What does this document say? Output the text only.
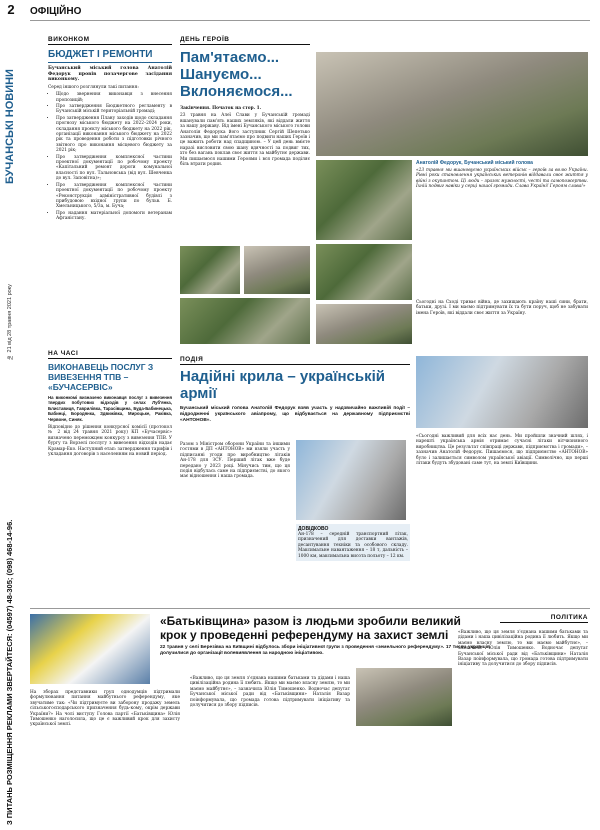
2
БУЧАНСЬКІ НОВИНИ
№ 21 від 28 травня 2021 року
З ПИТАНЬ РОЗМІЩЕННЯ РЕКЛАМИ ЗВЕРТАЙТЕСЯ: (04597) 48-305; (098) 468-14-96.
ОФІЦІЙНО
ВИКОНКОМ
БЮДЖЕТ І РЕМОНТИ
Бучанський міський голова Анатолій Федорук провів позачергове засідання виконкому.
Серед іншого розглянули такі питання:
• Щодо звернення виконавця з внесення пропозицій;
• Про затвердження Бюджетного регламенту в Бучанській міській територіальній громаді;
• Про затвердження Плану заходів щодо складання прогнозу міського бюджету на 2022–2024 роки, складання проєкту міського бюджету на 2022 рік, організації виконання міського бюджету на 2022 рік та проведення роботи з підготовки річного звітного про виконання місцевого бюджету за 2021 рік;
• Про затвердження комплексної частини проектної документації по робочому проекту «Капітальний ремонт дороги комунальної власності по вул. Тальновська (від вул. Шевченка до вул. Заповітна)»;
• Про затвердження комплексної частини проектної документації по робочому проекту «Реконструкція адміністративної будівлі з прибудовою вхідної групи по бульв. Б. Хмельницького, 5/3а, м. Буча;
• Про надання матеріальної допомоги ветеранам Афганістану.
НА ЧАСІ
ВИКОНАВЕЦЬ ПОСЛУГ З ВИВЕЗЕННЯ ТПВ – «БУЧАСЕРВІС»
На виконкомі визначено виконавця послуг з вивезення твердих побутових відходів у селах Луб'янка, Блиставиця, Гаврилівка, Тарасівщина, Буда-Бабинецька, Бабинці, Бородянка, Здвижівка, Мироцьке, Раківка, Червоне, Синяк.
Відповідно до рішення конкурсної комісії (протокол № 2 від 24 травня 2021 року) КП «Бучасервіс» визначено переможцем конкурсу з вивезення ТПВ. У бургу та Ворзелі послугу з вивезення відходів надає Крамар-Еко. Наступний етап: затвердження тарифів і укладання договорів з населенням на новий період.
ДЕНЬ ГЕРОЇВ
Пам'ятаємо... Шануємо... Вклоняємося...
Закінчення. Початок на стор. 1.
23 травня на Алеї Слави у Бучанській громаді вшанували пам'ять наших земляків, які віддали життя за нашу державу. Від імені Бучанського міського голови Анатолія Федорука його заступник Сергій Шепетько зазначив, що ми пам'ятаємо про подвиги наших Героїв і це важить роботи над спадщиною. – У цей день вмієте наразі висловити свою шану вдячності за подвиг тих, хто без вагань поклав своє життя за майбутнє держави. Ми пишаємося нашими Героями і вся громада поділяє біль втрати родин.	Анатолій Федорук, Бучанський міський голова
«23 травня ми вшановуємо українських військ – героїв за волю України. Рівні роки становлення українських ветеранів віддавали своє життя у війні з окупантом. Ці люди – зразок мужності, честі та самопожертви. Їхній подвиг навіки у серці нашої громади. Слава Україні! Героям слава!»
Сьогодні на Сході триває війна, де захищають країну наші сини, брати, батьки, друзі. І ми маємо підтримувати їх та бути поруч, щоб не забувати імена Героїв, які віддали своє життя за Україну.
ПОДІЯ
Надійні крила – українській армії
Бучанський міський голова Анатолій Федорук взяв участь у надзвичайно важливій події – відродженні українського авіапрому, що відбувається на державному підприємстві «АНТОНОВ».
Разом з Міністром оборони України та іншими гостями в ДП «АНТОНОВ» ми взяли участь у підписанні угоди про виробництво літаків Ан-178 для ЗСУ. Перший літак вже буде передано у 2023 році. Мінучись тим, що ця подія відбулась саме на підприємстві, до якого має відношення і наша громада.
ДОВІДКОВО
Ан-178 – середній транспортний літак, призначений для доставки вантажів, десантування техніки та особового складу. Максимальне навантаження – 18 т, дальність – 1000 км, максимальна висота польоту – 12 км.
«Сьогодні важливий для всіх нас день. Ми пройшли значний шлях, і нарешті українська армія отримає сучасні літаки вітчизняного виробництва. Це результат співпраці держави, підприємства і громади», – зазначив Анатолій Федорук. Пишаємося, що підприємство «АНТОНОВ» було і залишається символом української авіації. Символічно, що перші літаки будуть збудовані саме тут, на землі Київщини.
ПОЛІТИКА
«Батьківщина» разом із людьми зробили великий крок у проведенні референдуму на захист землі
22 травня у селі Березівка на Київщині відбулось збори ініціативної групи з проведення «земельного референдуму». 17 тисяч українців долучилися до організації волевиявлення за народною ініціативою.
На зборах представники груп однодумців підтримали формулювання питання майбутнього референдуму, яке звучатиме так: «Чи підтримуєте ви заборону продажу земель сільськогосподарського призначення будь-кому, окрім держави України?» На чолі виступу Голова партії «Батьківщина» Юлія Тимошенко наголосила, що це є важливий крок для захисту української землі.
«Важливо, що ця земля з'єднана нашими батьками та дідами і наша цивілізаційна родина її любить. Якщо ми маємо власну землю, то ми маємо майбутнє», – зазначила Юлія Тимошенко. Водночас депутат Бучанської міської ради від «Батьківщини» Наталія Вазар поінформувала, що громада готова підтримувати ініціативу та долучитися до збору підписів.
«Важливо, що ця земля з'єднана нашими батьками та дідами і наша цивілізаційна родина її любить. Якщо ми маємо власну землю, то ми маємо майбутнє», – зазначила Юлія Тимошенко. Водночас депутат Бучанської міської ради від «Батьківщини» Наталія Вазар поінформувала, що громада готова підтримувати ініціативу та долучитися до збору підписів.
